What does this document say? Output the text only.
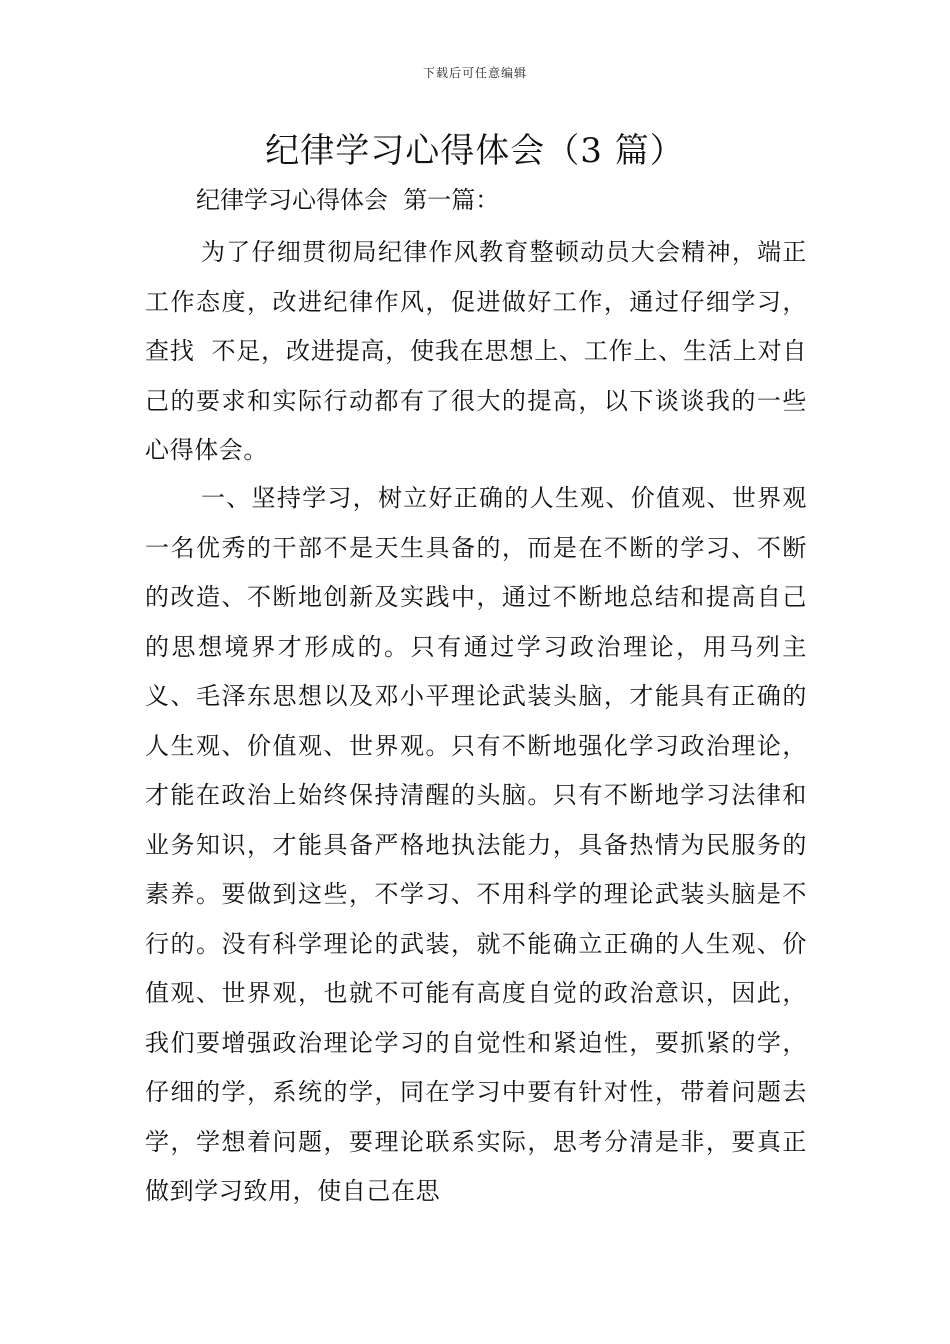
下载后可任意编辑
纪律学习心得体会（3 篇）
纪律学习心得体会  第一篇：

为了仔细贯彻局纪律作风教育整顿动员大会精神，端正工作态度，改进纪律作风，促进做好工作，通过仔细学习，查找  不足，改进提高，使我在思想上、工作上、生活上对自己的要求和实际行动都有了很大的提高，以下谈谈我的一些心得体会。

一、坚持学习，树立好正确的人生观、价值观、世界观  一名优秀的干部不是天生具备的，而是在不断的学习、不断的改造、不断地创新及实践中，通过不断地总结和提高自己的思想境界才形成的。只有通过学习政治理论，用马列主义、毛泽东思想以及邓小平理论武装头脑，才能具有正确的人生观、价值观、世界观。只有不断地强化学习政治理论，才能在政治上始终保持清醒的头脑。只有不断地学习法律和业务知识，才能具备严格地执法能力，具备热情为民服务的素养。要做到这些，不学习、不用科学的理论武装头脑是不行的。没有科学理论的武装，就不能确立正确的人生观、价值观、世界观，也就不可能有高度自觉的政治意识，因此，我们要增强政治理论学习的自觉性和紧迫性，要抓紧的学，仔细的学，系统的学，同在学习中要有针对性，带着问题去学，学想着问题，要理论联系实际，思考分清是非，要真正做到学习致用，使自己在思
